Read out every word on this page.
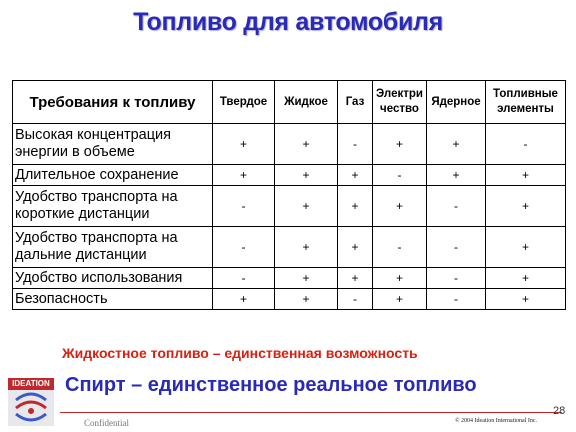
Топливо для автомобиля
Требования к топливу	Твердое	Жидкое	Газ	Электри чество	Ядерное	Топливные элементы
Высокая концентрация энергии в объеме	+	+	-	+	+	-
Длительное сохранение	+	+	+	-	+	+
Удобство транспорта на короткие дистанции	-	+	+	+	-	+
Удобство транспорта на дальние дистанции	-	+	+	-	-	+
Удобство использования	-	+	+	+	-	+
Безопасность	+	+	-	+	-	+
Жидкостное топливо – единственная возможность
Спирт – единственное реальное топливо
IDEATION
Confidential	© 2004 Ideation International Inc.
28
